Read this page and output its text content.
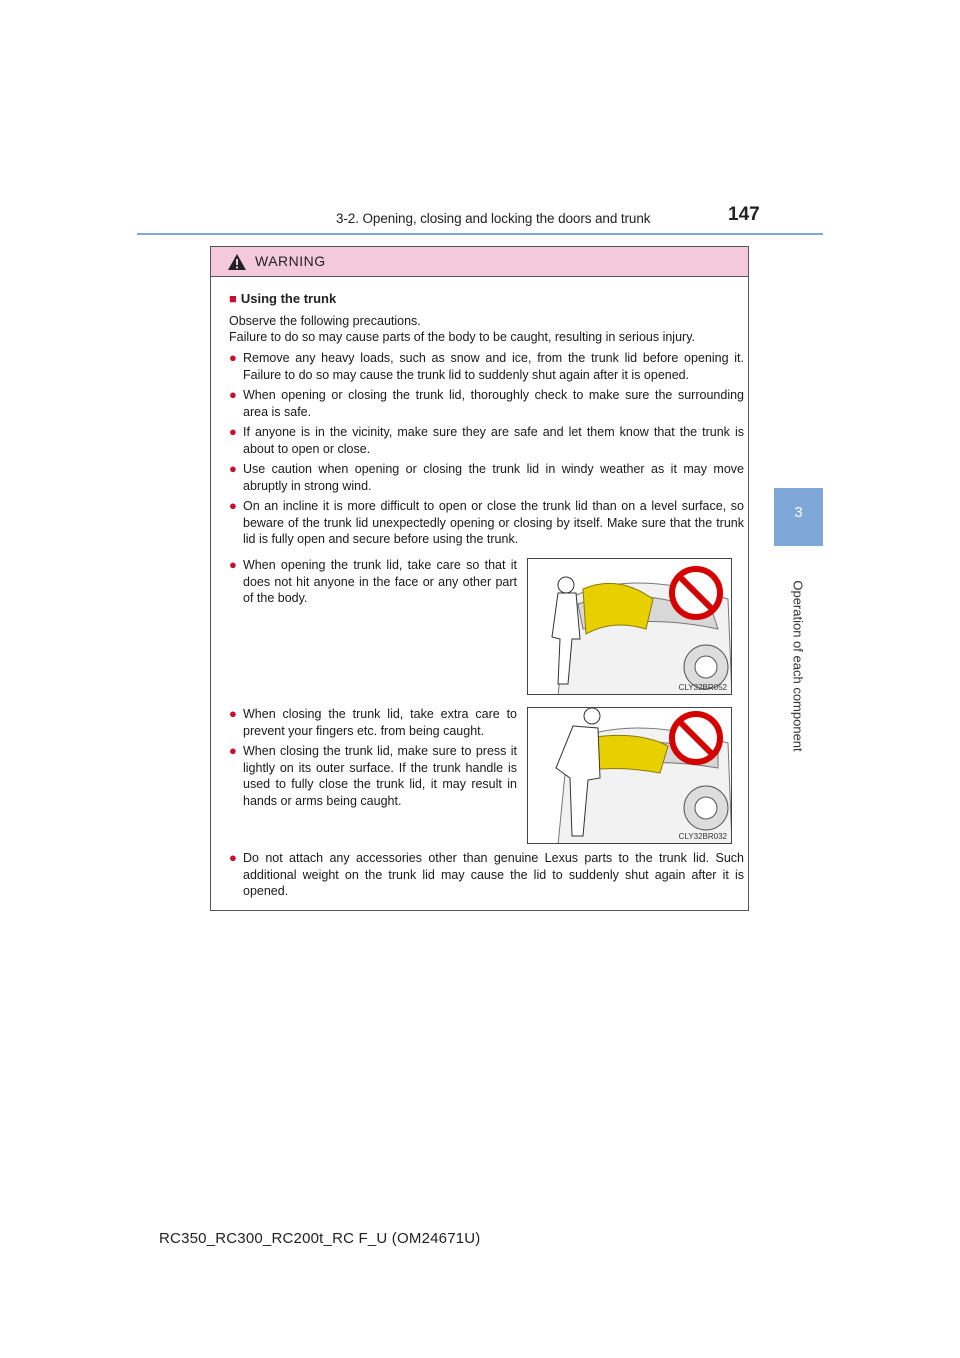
3-2. Opening, closing and locking the doors and trunk	147
3
Operation of each component
WARNING
■ Using the trunk
Observe the following precautions.
Failure to do so may cause parts of the body to be caught, resulting in serious injury.
● Remove any heavy loads, such as snow and ice, from the trunk lid before opening it. Failure to do so may cause the trunk lid to suddenly shut again after it is opened.
● When opening or closing the trunk lid, thoroughly check to make sure the surrounding area is safe.
● If anyone is in the vicinity, make sure they are safe and let them know that the trunk is about to open or close.
● Use caution when opening or closing the trunk lid in windy weather as it may move abruptly in strong wind.
● On an incline it is more difficult to open or close the trunk lid than on a level surface, so beware of the trunk lid unexpectedly opening or closing by itself. Make sure that the trunk lid is fully open and secure before using the trunk.
● When opening the trunk lid, take care so that it does not hit anyone in the face or any other part of the body.
CLY32BR052
● When closing the trunk lid, take extra care to prevent your fingers etc. from being caught.
● When closing the trunk lid, make sure to press it lightly on its outer surface. If the trunk handle is used to fully close the trunk lid, it may result in hands or arms being caught.
CLY32BR032
● Do not attach any accessories other than genuine Lexus parts to the trunk lid. Such additional weight on the trunk lid may cause the lid to suddenly shut again after it is opened.
RC350_RC300_RC200t_RC F_U (OM24671U)
